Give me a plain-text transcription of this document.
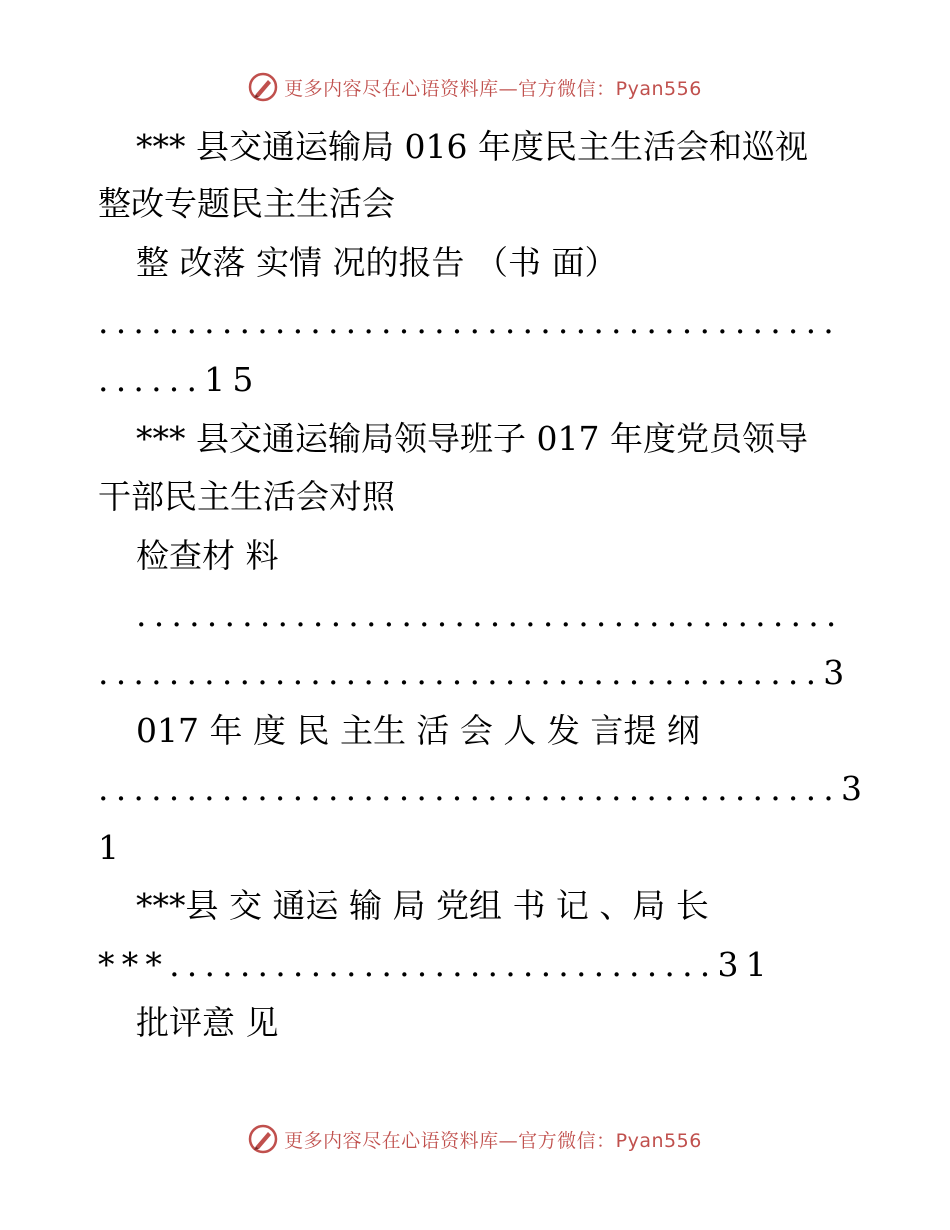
更多内容尽在心语资料库—官方微信：Pyan556
*** 县交通运输局 016 年度民主生活会和巡视
整改专题民主生活会
整 改落 实情 况的报告 （书 面）
..........................................
......15
*** 县交通运输局领导班子 017 年度党员领导
干部民主生活会对照
检查材 料
........................................
.........................................3
017 年 度 民 主生 活 会 人 发 言提 纲
..........................................3
1
***县 交 通运 输 局 党组 书 记 、局 长
***...............................31
批评意 见
更多内容尽在心语资料库—官方微信：Pyan556
